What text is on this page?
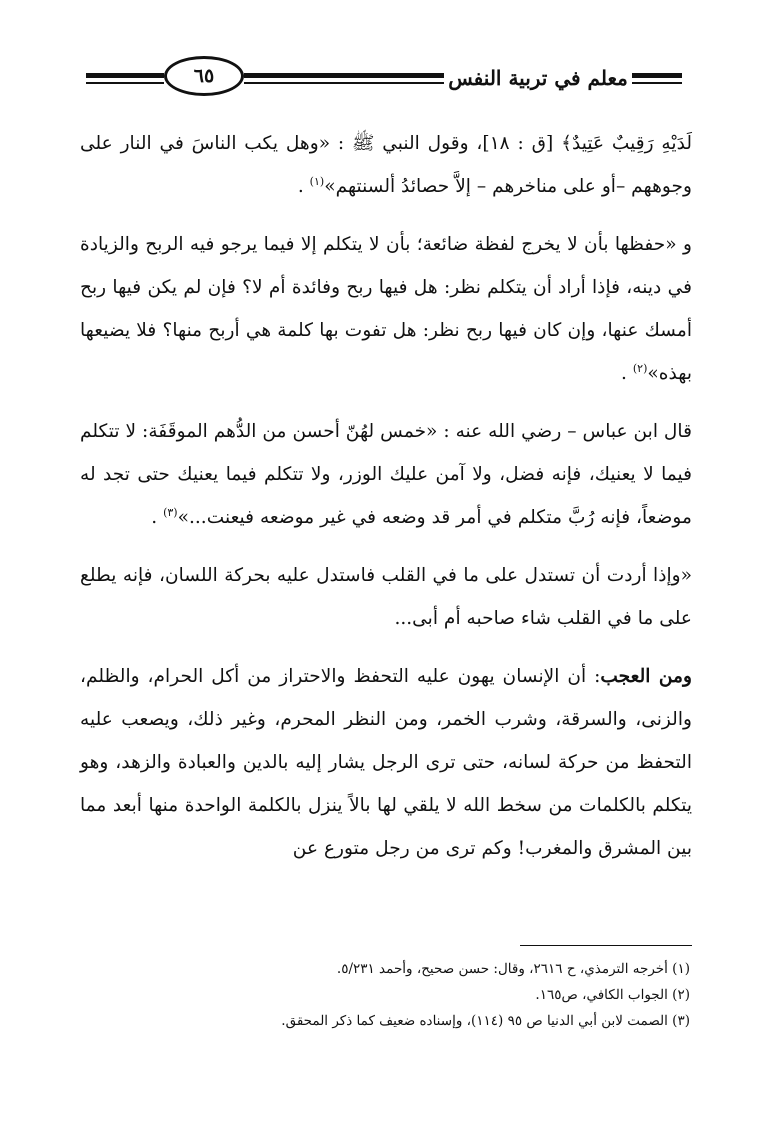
٦٥	معلم في تربية النفس

لَدَيْهِ رَقِيبٌ عَتِيدٌ﴾ [ق : ١٨]، وقول النبي ﷺ : «وهل يكب الناسَ في النار على وجوههم –أو على مناخرهم – إلاَّ حصائدُ ألسنتهم»$^{(١)}$ .

و «حفظها بأن لا يخرج لفظة ضائعة؛ بأن لا يتكلم إلا فيما يرجو فيه الربح والزيادة في دينه، فإذا أراد أن يتكلم نظر: هل فيها ربح وفائدة أم لا؟ فإن لم يكن فيها ربح أمسك عنها، وإن كان فيها ربح نظر: هل تفوت بها كلمة هي أربح منها؟ فلا يضيعها بهذه»$^{(٢)}$ .

قال ابن عباس – رضي الله عنه : «خمس لهُنّ أحسن من الدُّهم الموقَفَة: لا تتكلم فيما لا يعنيك، فإنه فضل، ولا آمن عليك الوزر، ولا تتكلم فيما يعنيك حتى تجد له موضعاً، فإنه رُبَّ متكلم في أمر قد وضعه في غير موضعه فيعنت...»$^{(٣)}$ .

«وإذا أردت أن تستدل على ما في القلب فاستدل عليه بحركة اللسان، فإنه يطلع على ما في القلب شاء صاحبه أم أبى...

ومن العجب: أن الإنسان يهون عليه التحفظ والاحتراز من أكل الحرام، والظلم، والزنى، والسرقة، وشرب الخمر، ومن النظر المحرم، وغير ذلك، ويصعب عليه التحفظ من حركة لسانه، حتى ترى الرجل يشار إليه بالدين والعبادة والزهد، وهو يتكلم بالكلمات من سخط الله لا يلقي لها بالاً ينزل بالكلمة الواحدة منها أبعد مما بين المشرق والمغرب! وكم ترى من رجل متورع عن

(١) أخرجه الترمذي، ح ٢٦١٦، وقال: حسن صحيح، وأحمد ٥/٢٣١.
(٢) الجواب الكافي، ص١٦٥.
(٣) الصمت لابن أبي الدنيا ص ٩٥ (١١٤)، وإسناده ضعيف كما ذكر المحقق.
